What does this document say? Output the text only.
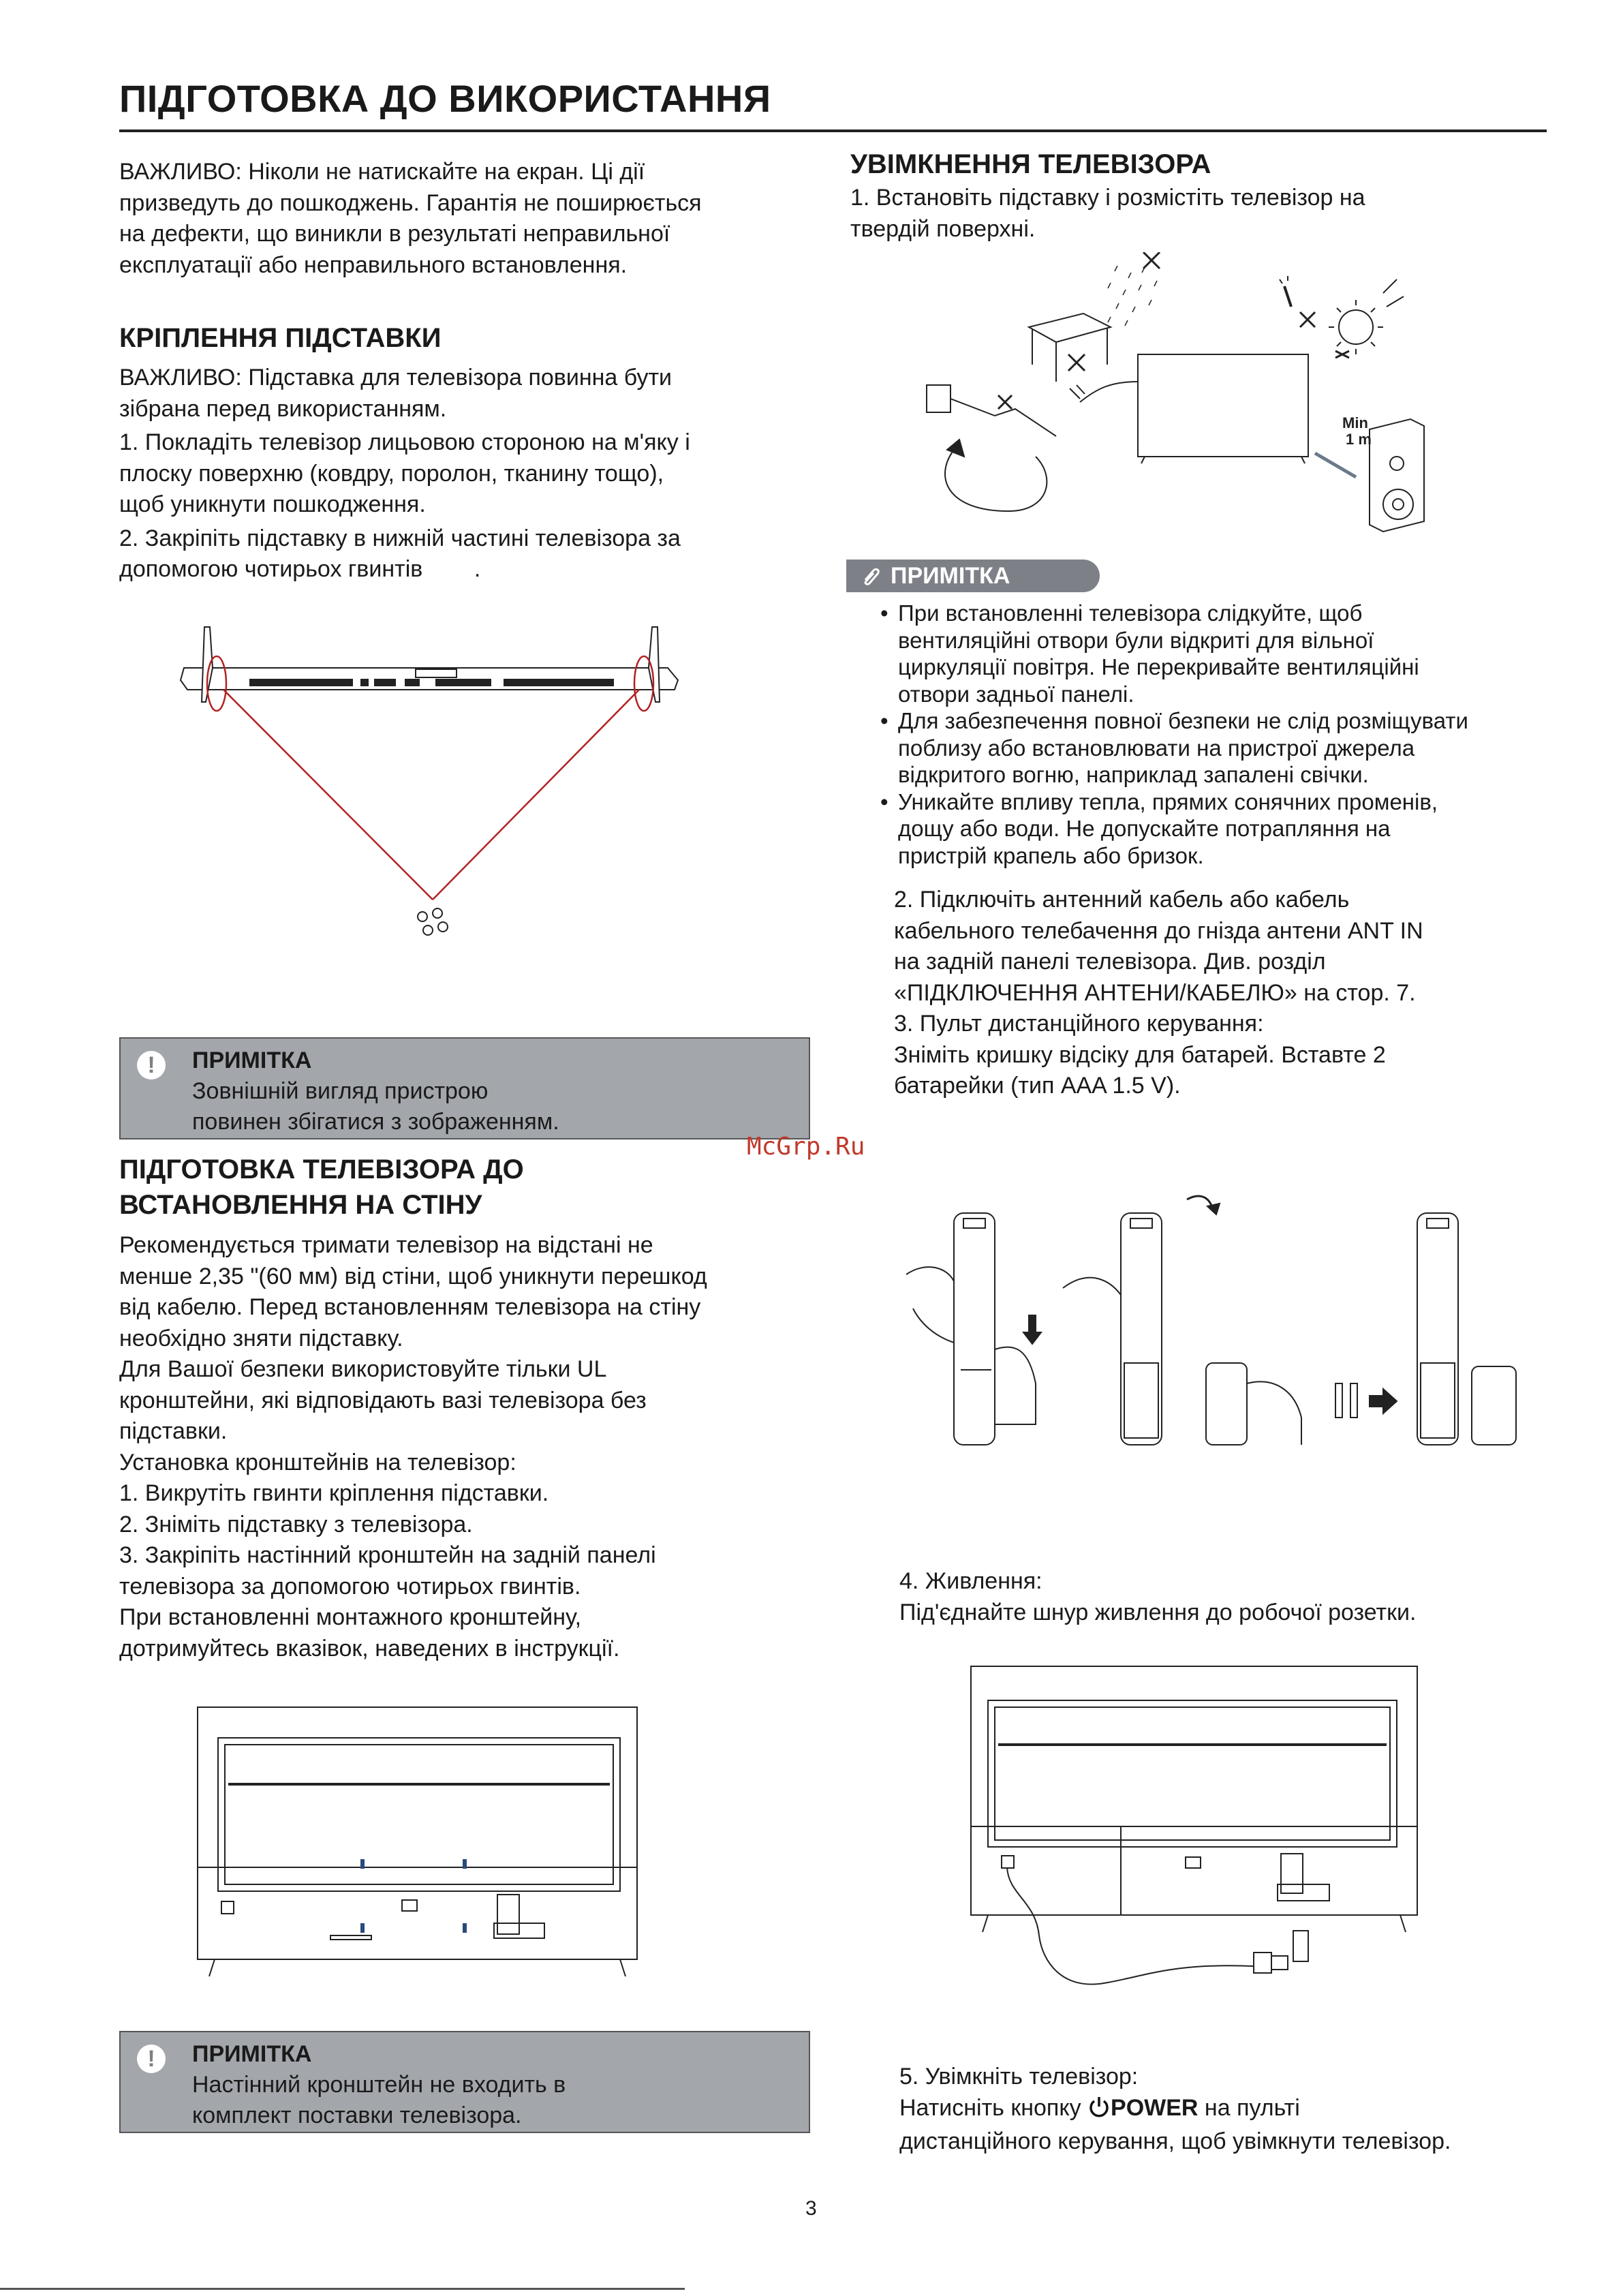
ПІДГОТОВКА ДО ВИКОРИСТАННЯ
ВАЖЛИВО: Ніколи не натискайте на екран. Ці дії
призведуть до пошкоджень. Гарантія не поширюється
на дефекти, що виникли в результаті неправильної
експлуатації або неправильного встановлення.
КРІПЛЕННЯ ПІДСТАВКИ
ВАЖЛИВО: Підставка для телевізора повинна бути
зібрана перед використанням.
1. Покладіть телевізор лицьовою стороною на м'яку і
плоску поверхню (ковдру, поролон, тканину тощо),
щоб уникнути пошкодження.
2. Закріпіть підставку в нижній частині телевізора за
допомогою чотирьох гвинтів        .
!	ПРИМІТКА
Зовнішній вигляд пристрою
повинен збігатися з зображенням.
ПІДГОТОВКА ТЕЛЕВІЗОРА ДО
ВСТАНОВЛЕННЯ НА СТІНУ
Рекомендується тримати телевізор на відстані не
менше 2,35 "(60 мм) від стіни, щоб уникнути перешкод
від кабелю. Перед встановленням телевізора на стіну
необхідно зняти підставку.
Для Вашої безпеки використовуйте тільки UL
кронштейни, які відповідають вазі телевізора без
підставки.
Установка кронштейнів на телевізор:
1. Викрутіть гвинти кріплення підставки.
2. Зніміть підставку з телевізора.
3. Закріпіть настінний кронштейн на задній панелі
телевізора за допомогою чотирьох гвинтів.
При встановленні монтажного кронштейну,
дотримуйтесь вказівок, наведених в інструкції.
!	ПРИМІТКА
Настінний кронштейн не входить в
комплект поставки телевізора.
УВІМКНЕННЯ ТЕЛЕВІЗОРА
1. Встановіть підставку і розмістіть телевізор на
твердій поверхні.
Min
1 m
ПРИМІТКА
• При встановленні телевізора слідкуйте, щоб
вентиляційні отвори були відкриті для вільної
циркуляції повітря. Не перекривайте вентиляційні
отвори задньої панелі.
• Для забезпечення повної безпеки не слід розміщувати
поблизу або встановлювати на пристрої джерела
відкритого вогню, наприклад запалені свічки.
• Уникайте впливу тепла, прямих сонячних променів,
дощу або води. Не допускайте потрапляння на
пристрій крапель або бризок.
2. Підключіть антенний кабель або кабель
кабельного телебачення до гнізда антени ANT IN
на задній панелі телевізора. Див. розділ
«ПІДКЛЮЧЕННЯ АНТЕНИ/КАБЕЛЮ» на стор. 7.
3. Пульт дистанційного керування:
Зніміть кришку відсіку для батарей. Вставте 2
батарейки (тип AAA 1.5 V).
McGrp.Ru
4. Живлення:
Під'єднайте шнур живлення до робочої розетки.
5. Увімкніть телевізор:
Натисніть кнопку POWER на пульті
дистанційного керування, щоб увімкнути телевізор.
3
